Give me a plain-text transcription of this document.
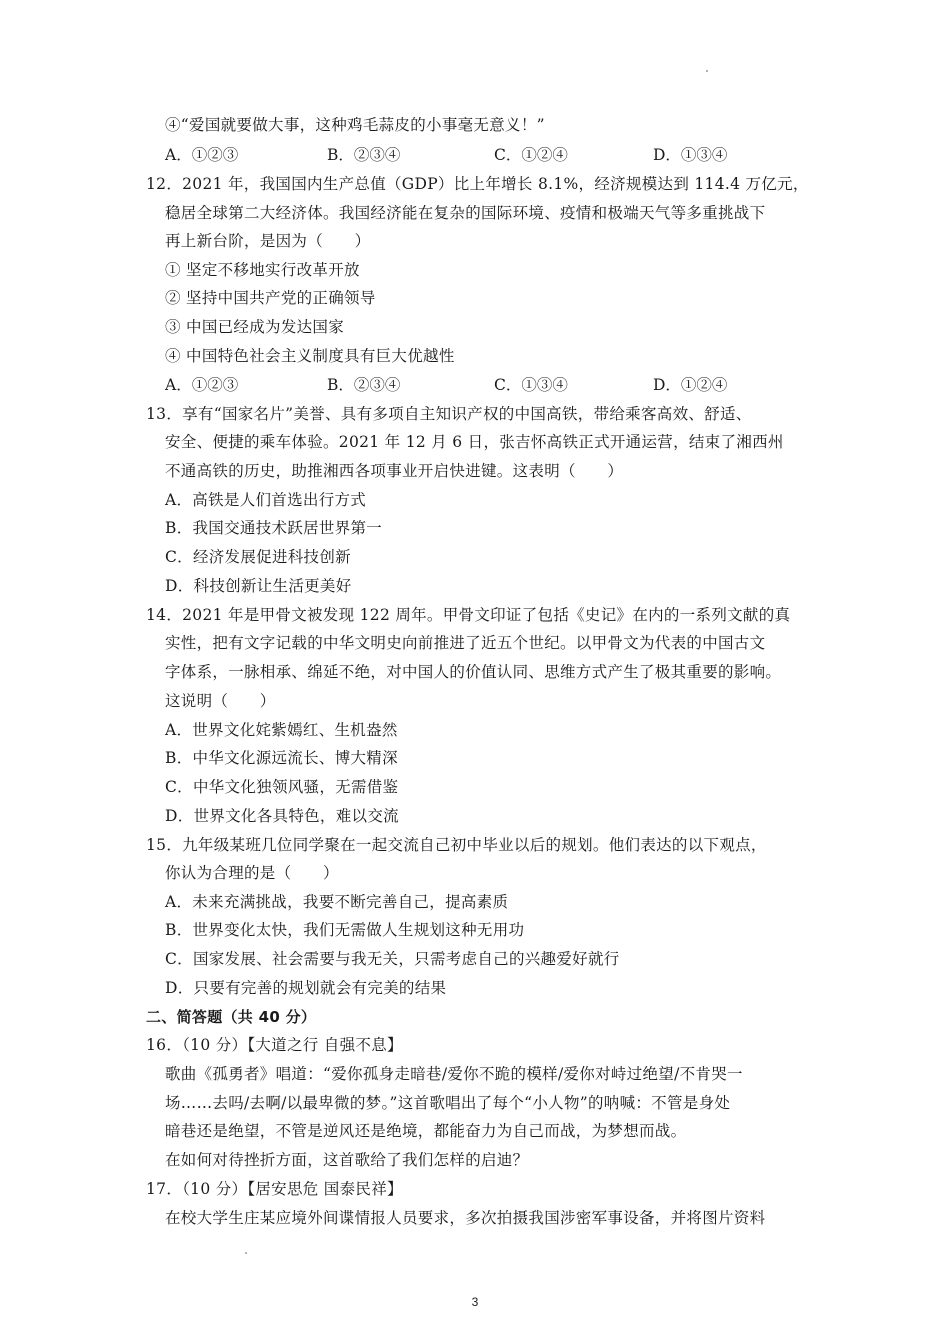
④“爱国就要做大事，这种鸡毛蒜皮的小事毫无意义！”
A．①②③	B．②③④	C．①②④	D．①③④
12．2021 年，我国国内生产总值（GDP）比上年增长 8.1%，经济规模达到 114.4 万亿元，
稳居全球第二大经济体。我国经济能在复杂的国际环境、疫情和极端天气等多重挑战下
再上新台阶，是因为（　　）
① 坚定不移地实行改革开放
② 坚持中国共产党的正确领导
③ 中国已经成为发达国家
④ 中国特色社会主义制度具有巨大优越性
A．①②③	B．②③④	C．①③④	D．①②④
13．享有“国家名片”美誉、具有多项自主知识产权的中国高铁，带给乘客高效、舒适、
安全、便捷的乘车体验。2021 年 12 月 6 日，张吉怀高铁正式开通运营，结束了湘西州
不通高铁的历史，助推湘西各项事业开启快进键。这表明（　　）
A．高铁是人们首选出行方式
B．我国交通技术跃居世界第一
C．经济发展促进科技创新
D．科技创新让生活更美好
14．2021 年是甲骨文被发现 122 周年。甲骨文印证了包括《史记》在内的一系列文献的真
实性，把有文字记载的中华文明史向前推进了近五个世纪。以甲骨文为代表的中国古文
字体系，一脉相承、绵延不绝，对中国人的价值认同、思维方式产生了极其重要的影响。
这说明（　　）
A．世界文化姹紫嫣红、生机盎然
B．中华文化源远流长、博大精深
C．中华文化独领风骚，无需借鉴
D．世界文化各具特色，难以交流
15．九年级某班几位同学聚在一起交流自己初中毕业以后的规划。他们表达的以下观点，
你认为合理的是（　　）
A．未来充满挑战，我要不断完善自己，提高素质
B．世界变化太快，我们无需做人生规划这种无用功
C．国家发展、社会需要与我无关，只需考虑自己的兴趣爱好就行
D．只要有完善的规划就会有完美的结果
二、简答题（共 40 分）
16．（10 分）【大道之行 自强不息】
歌曲《孤勇者》唱道：“爱你孤身走暗巷/爱你不跪的模样/爱你对峙过绝望/不肯哭一
场……去吗/去啊/以最卑微的梦。”这首歌唱出了每个“小人物”的呐喊：不管是身处
暗巷还是绝望，不管是逆风还是绝境，都能奋力为自己而战，为梦想而战。
在如何对待挫折方面，这首歌给了我们怎样的启迪？
17．（10 分）【居安思危 国泰民祥】
在校大学生庄某应境外间谍情报人员要求，多次拍摄我国涉密军事设备，并将图片资料
3
